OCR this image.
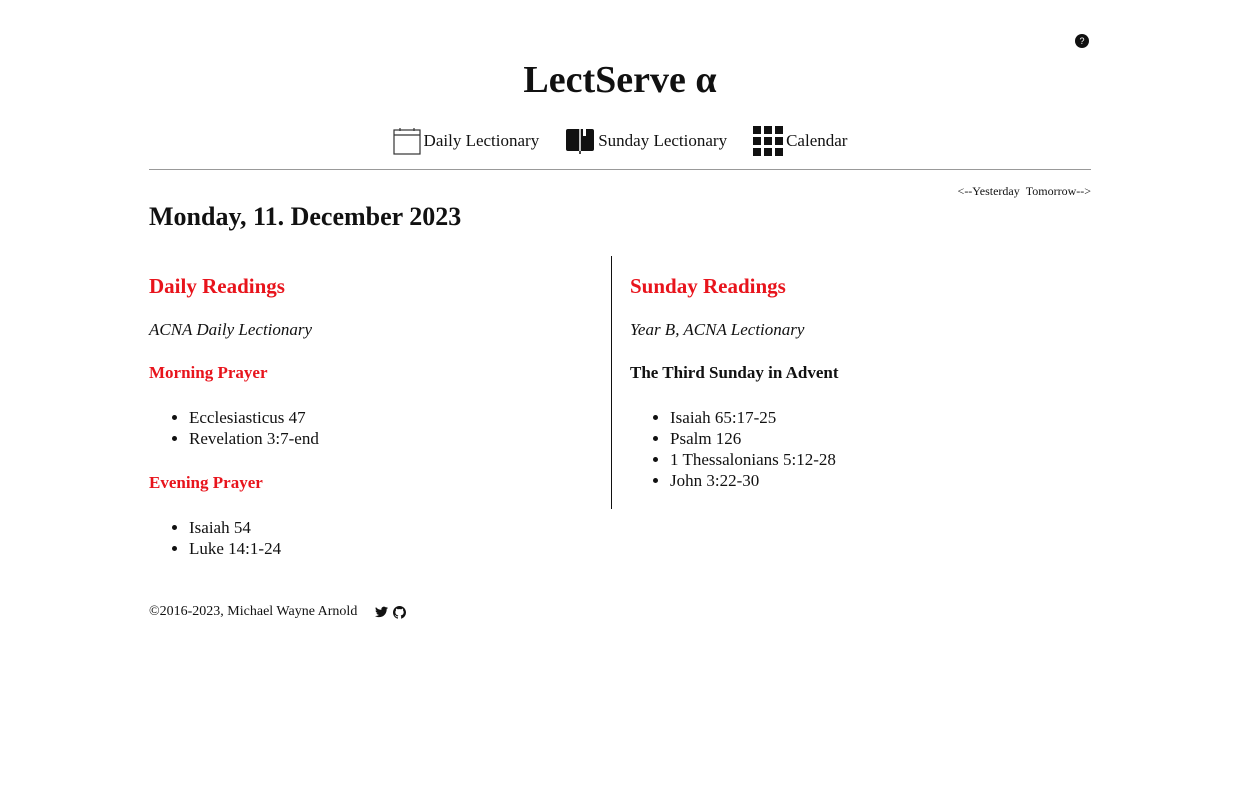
?
LectServe α
Daily Lectionary	Sunday Lectionary	Calendar
<--Yesterday Tomorrow-->
Monday, 11. December 2023
Daily Readings

ACNA Daily Lectionary

Morning Prayer

• Ecclesiasticus 47
• Revelation 3:7-end

Evening Prayer

• Isaiah 54
• Luke 14:1-24
Sunday Readings

Year B, ACNA Lectionary

The Third Sunday in Advent

• Isaiah 65:17-25
• Psalm 126
• 1 Thessalonians 5:12-28
• John 3:22-30
©2016-2023, Michael Wayne Arnold
